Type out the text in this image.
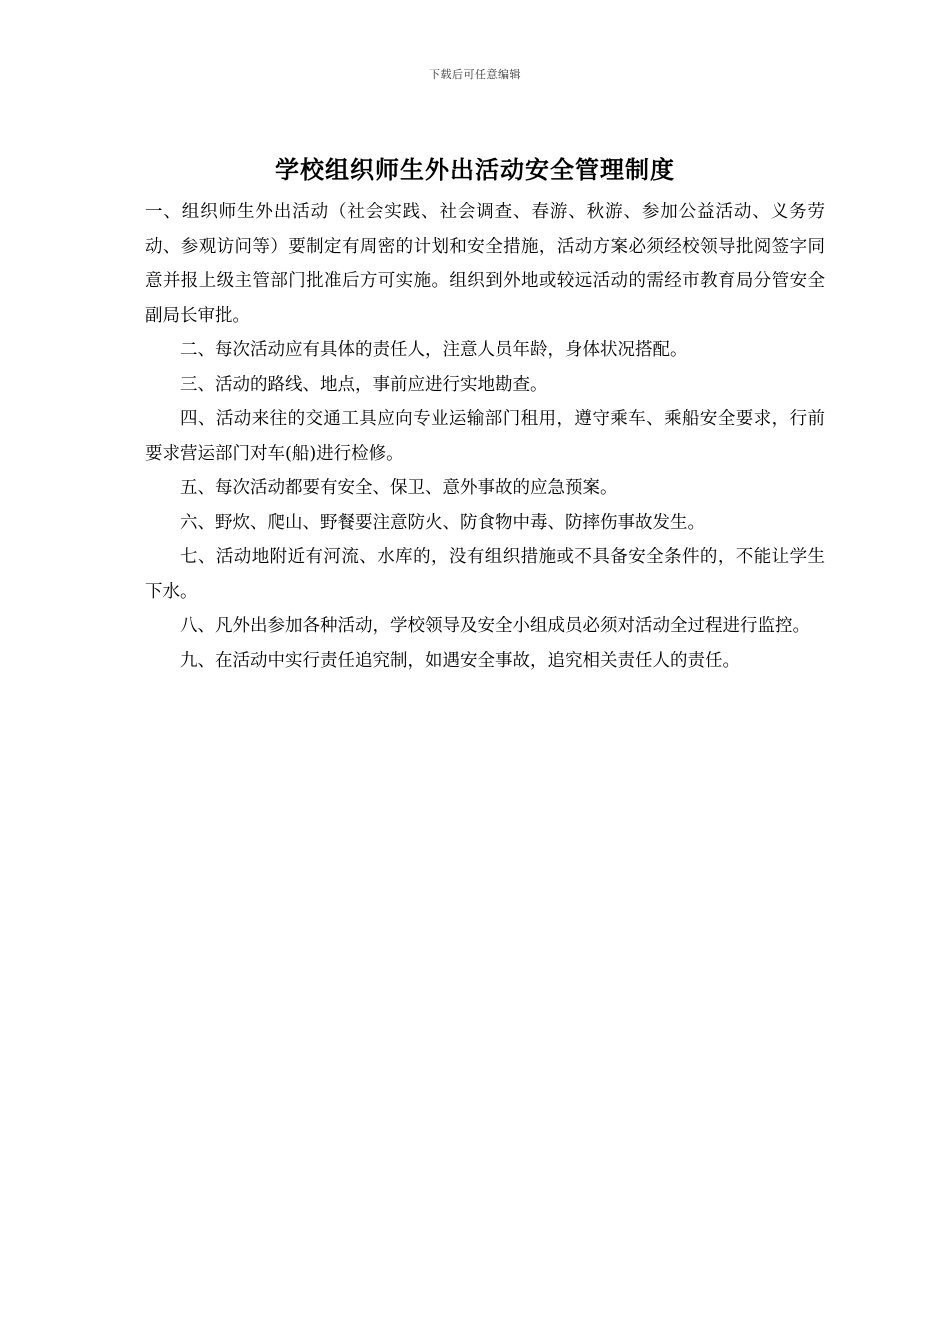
下载后可任意编辑
学校组织师生外出活动安全管理制度

一、组织师生外出活动（社会实践、社会调查、春游、秋游、参加公益活动、义务劳动、参观访问等）要制定有周密的计划和安全措施，活动方案必须经校领导批阅签字同意并报上级主管部门批准后方可实施。组织到外地或较远活动的需经市教育局分管安全副局长审批。

二、每次活动应有具体的责任人，注意人员年龄，身体状况搭配。

三、活动的路线、地点，事前应进行实地勘查。

四、活动来往的交通工具应向专业运输部门租用，遵守乘车、乘船安全要求，行前要求营运部门对车(船)进行检修。

五、每次活动都要有安全、保卫、意外事故的应急预案。

六、野炊、爬山、野餐要注意防火、防食物中毒、防摔伤事故发生。

七、活动地附近有河流、水库的，没有组织措施或不具备安全条件的，不能让学生下水。

八、凡外出参加各种活动，学校领导及安全小组成员必须对活动全过程进行监控。

九、在活动中实行责任追究制，如遇安全事故，追究相关责任人的责任。
